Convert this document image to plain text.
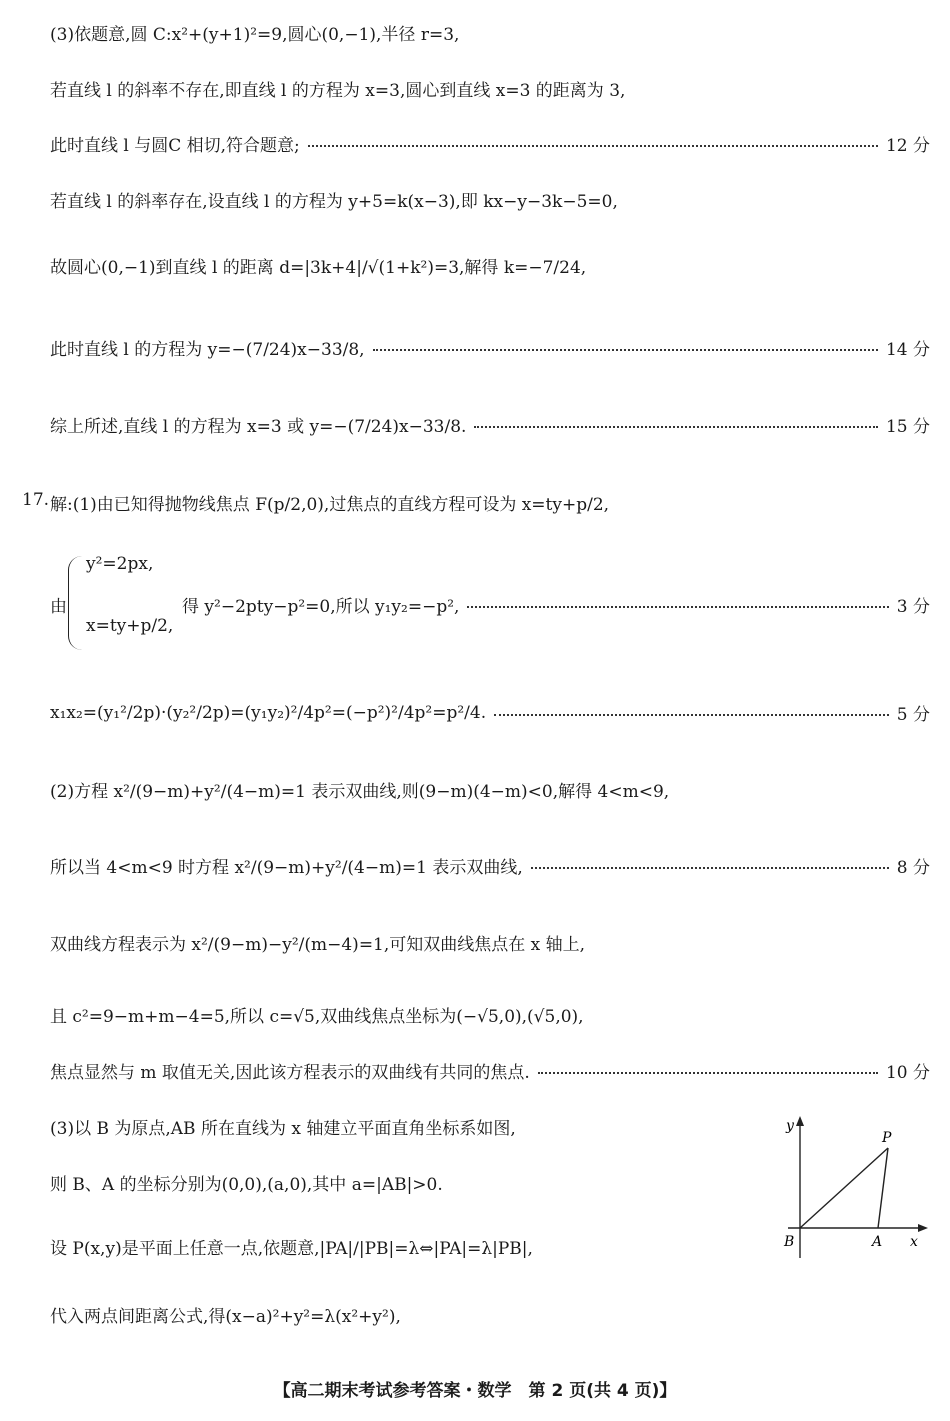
(3)依题意,圆 C:x²+(y+1)²=9,圆心(0,−1),半径 r=3,
若直线 l 的斜率不存在,即直线 l 的方程为 x=3,圆心到直线 x=3 的距离为 3,
此时直线 l 与圆C 相切,符合题意;	12 分
若直线 l 的斜率存在,设直线 l 的方程为 y+5=k(x−3),即 kx−y−3k−5=0,
故圆心(0,−1)到直线 l 的距离 d=|3k+4|/√(1+k²)=3,解得 k=−7/24,
此时直线 l 的方程为 y=−(7/24)x−33/8,	14 分
综上所述,直线 l 的方程为 x=3 或 y=−(7/24)x−33/8.	15 分
17. 解:(1)由已知得抛物线焦点 F(p/2,0),过焦点的直线方程可设为 x=ty+p/2,
由
y²=2px,
x=ty+p/2,
得 y²−2pty−p²=0,所以 y₁y₂=−p²,	3 分
x₁x₂=(y₁²/2p)·(y₂²/2p)=(y₁y₂)²/4p²=(−p²)²/4p²=p²/4.	5 分
(2)方程 x²/(9−m)+y²/(4−m)=1 表示双曲线,则(9−m)(4−m)<0,解得 4<m<9,
所以当 4<m<9 时方程 x²/(9−m)+y²/(4−m)=1 表示双曲线,	8 分
双曲线方程表示为 x²/(9−m)−y²/(m−4)=1,可知双曲线焦点在 x 轴上,
且 c²=9−m+m−4=5,所以 c=√5,双曲线焦点坐标为(−√5,0),(√5,0),
焦点显然与 m 取值无关,因此该方程表示的双曲线有共同的焦点.	10 分
(3)以 B 为原点,AB 所在直线为 x 轴建立平面直角坐标系如图,
则 B、A 的坐标分别为(0,0),(a,0),其中 a=|AB|>0.
设 P(x,y)是平面上任意一点,依题意,|PA|/|PB|=λ⇔|PA|=λ|PB|,
代入两点间距离公式,得(x−a)²+y²=λ(x²+y²),
y
P
B	A x
【高二期末考试参考答案・数学　第 2 页(共 4 页)】
